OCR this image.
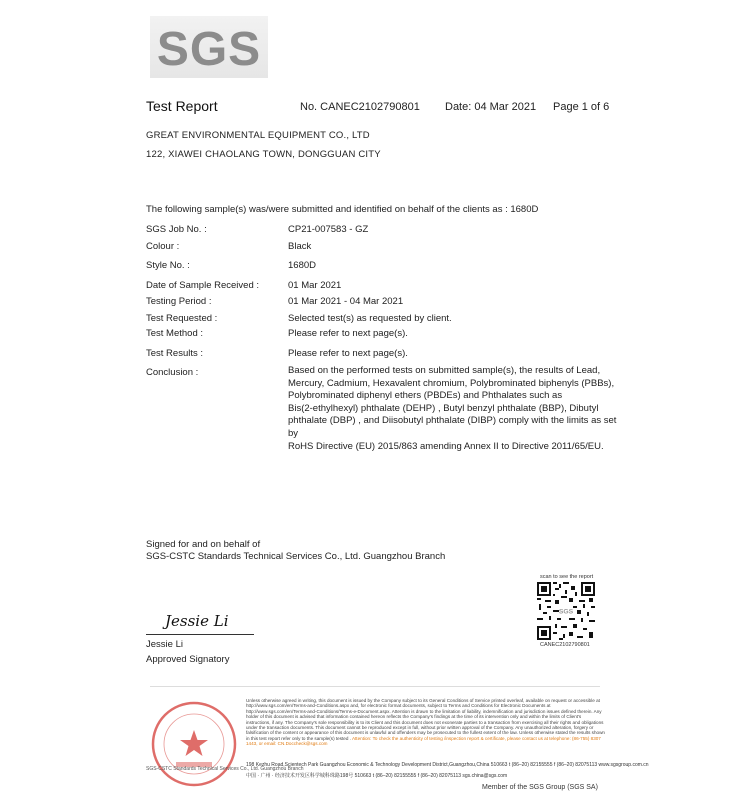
SGS
Test Report	No. CANEC2102790801 Date: 04 Mar 2021 Page 1 of 6
GREAT ENVIRONMENTAL EQUIPMENT CO., LTD
122, XIAWEI CHAOLANG TOWN, DONGGUAN CITY
The following sample(s) was/were submitted and identified on behalf of the clients as : 1680D
SGS Job No. :	CP21-007583 - GZ
Colour :	Black
Style No. :	1680D
Date of Sample Received :	01 Mar 2021
Testing Period :	01 Mar 2021 - 04 Mar 2021
Test Requested :	Selected test(s) as requested by client.
Test Method :	Please refer to next page(s).
Test Results :	Please refer to next page(s).
Conclusion :	Based on the performed tests on submitted sample(s), the results of Lead,
Mercury, Cadmium, Hexavalent chromium, Polybrominated biphenyls (PBBs),
Polybrominated diphenyl ethers (PBDEs) and Phthalates such as
Bis(2-ethylhexyl) phthalate (DEHP) , Butyl benzyl phthalate (BBP), Dibutyl
phthalate (DBP) , and Diisobutyl phthalate (DIBP) comply with the limits as set by
RoHS Directive (EU) 2015/863 amending Annex II to Directive 2011/65/EU.
Signed for and on behalf of
SGS-CSTC Standards Technical Services Co., Ltd. Guangzhou Branch
Jessie Li
Jessie Li
Approved Signatory
scan to see the report
SGS
CANEC2102790801
SGS-CSTC Standards Technical Services Co., Ltd. Guangzhou Branch
Unless otherwise agreed in writing, this document is issued by the Company subject to its General Conditions of Service printed overleaf, available on request or accessible at http://www.sgs.com/en/Terms-and-Conditions.aspx and, for electronic format documents, subject to Terms and Conditions for Electronic Documents at http://www.sgs.com/en/Terms-and-Conditions/Terms-e-Document.aspx. Attention is drawn to the limitation of liability, indemnification and jurisdiction issues defined therein. Any holder of this document is advised that information contained hereon reflects the Company's findings at the time of its intervention only and within the limits of Client's instructions, if any. The Company's sole responsibility is to its Client and this document does not exonerate parties to a transaction from exercising all their rights and obligations under the transaction documents. This document cannot be reproduced except in full, without prior written approval of the Company. Any unauthorized alteration, forgery or falsification of the content or appearance of this document is unlawful and offenders may be prosecuted to the fullest extent of the law. Unless otherwise stated the results shown in this test report refer only to the sample(s) tested . Attention: To check the authenticity of testing /inspection report & certificate, please contact us at telephone: (86-755) 8307 1443, or email: CN.Doccheck@sgs.com
198 Kezhu Road,Scientech Park Guangzhou Economic & Technology Development District,Guangzhou,China 510663 t (86–20) 82155555 f (86–20) 82075113 www.sgsgroup.com.cn
中国 · 广州 · 经济技术开发区科学城科珠路198号 510663 t (86–20) 82155555 f (86–20) 82075113 sgs.china@sgs.com
Member of the SGS Group (SGS SA)
